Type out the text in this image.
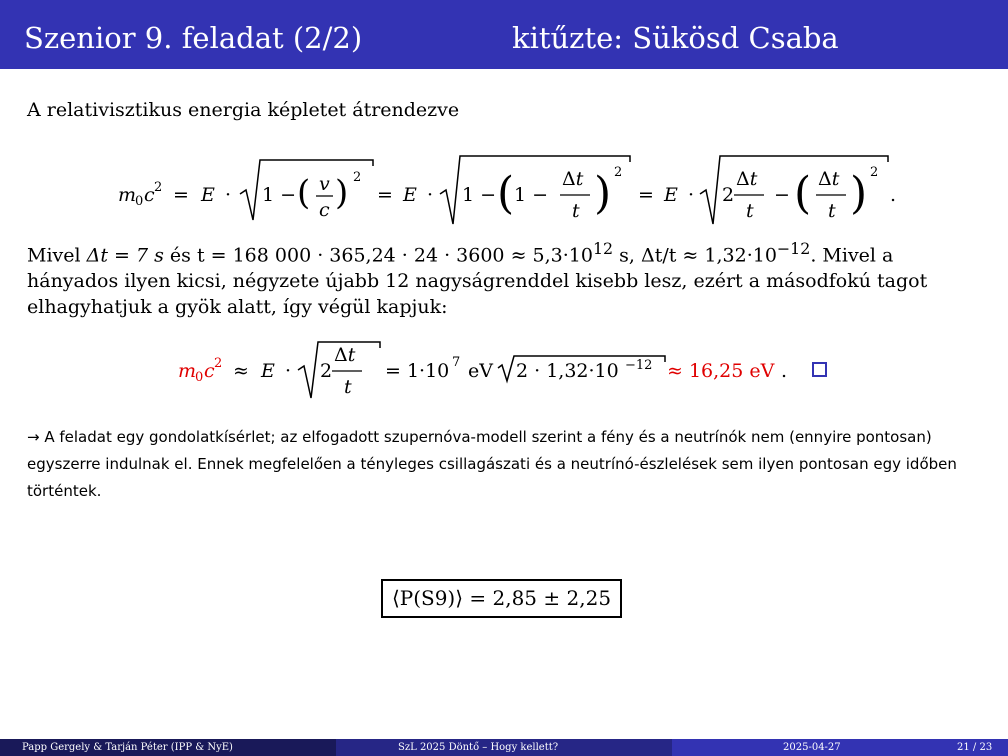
Szenior 9. feladat (2/2)	kitűzte: Sükösd Csaba
A relativisztikus energia képletet átrendezve
m
0 c 2 = E · 1 − ( v
c ) 2
= E · 1 − ( 1 −
Δt
t ) 2
= E · 2
Δt
t
− ( Δt
t ) 2
.
Mivel Δt = 7 s és t = 168 $000 \cdot 365,24 \cdot 24 \cdot 3600 \approx 5,3\cdot 10^{12}$ s, $\Delta t/t \approx 1,32\cdot 10^{-12}$. Mivel a hányados ilyen kicsi, négyzete újabb 12 nagyságrenddel kisebb lesz, ezért a másodfokú tagot elhagyhatjuk a gyök alatt, így végül kapjuk:
m
0 c 2 ≈ E · 2
Δt
t
= 1·10 7 eV 2 · 1,32·10 −12 ≈ 16,25 eV .
→ A feladat egy gondolatkísérlet; az elfogadott szupernóva-modell szerint a fény és a neutrínók nem (ennyire pontosan) egyszerre indulnak el. Ennek megfelelően a tényleges csillagászati és a neutrínó-észlelések sem ilyen pontosan egy időben történtek.
⟨P(S9)⟩ = 2,85 ± 2,25
Papp Gergely & Tarján Péter (IPP & NyE)	SzL 2025 Döntő – Hogy kellett?	2025-04-27	21 / 23
